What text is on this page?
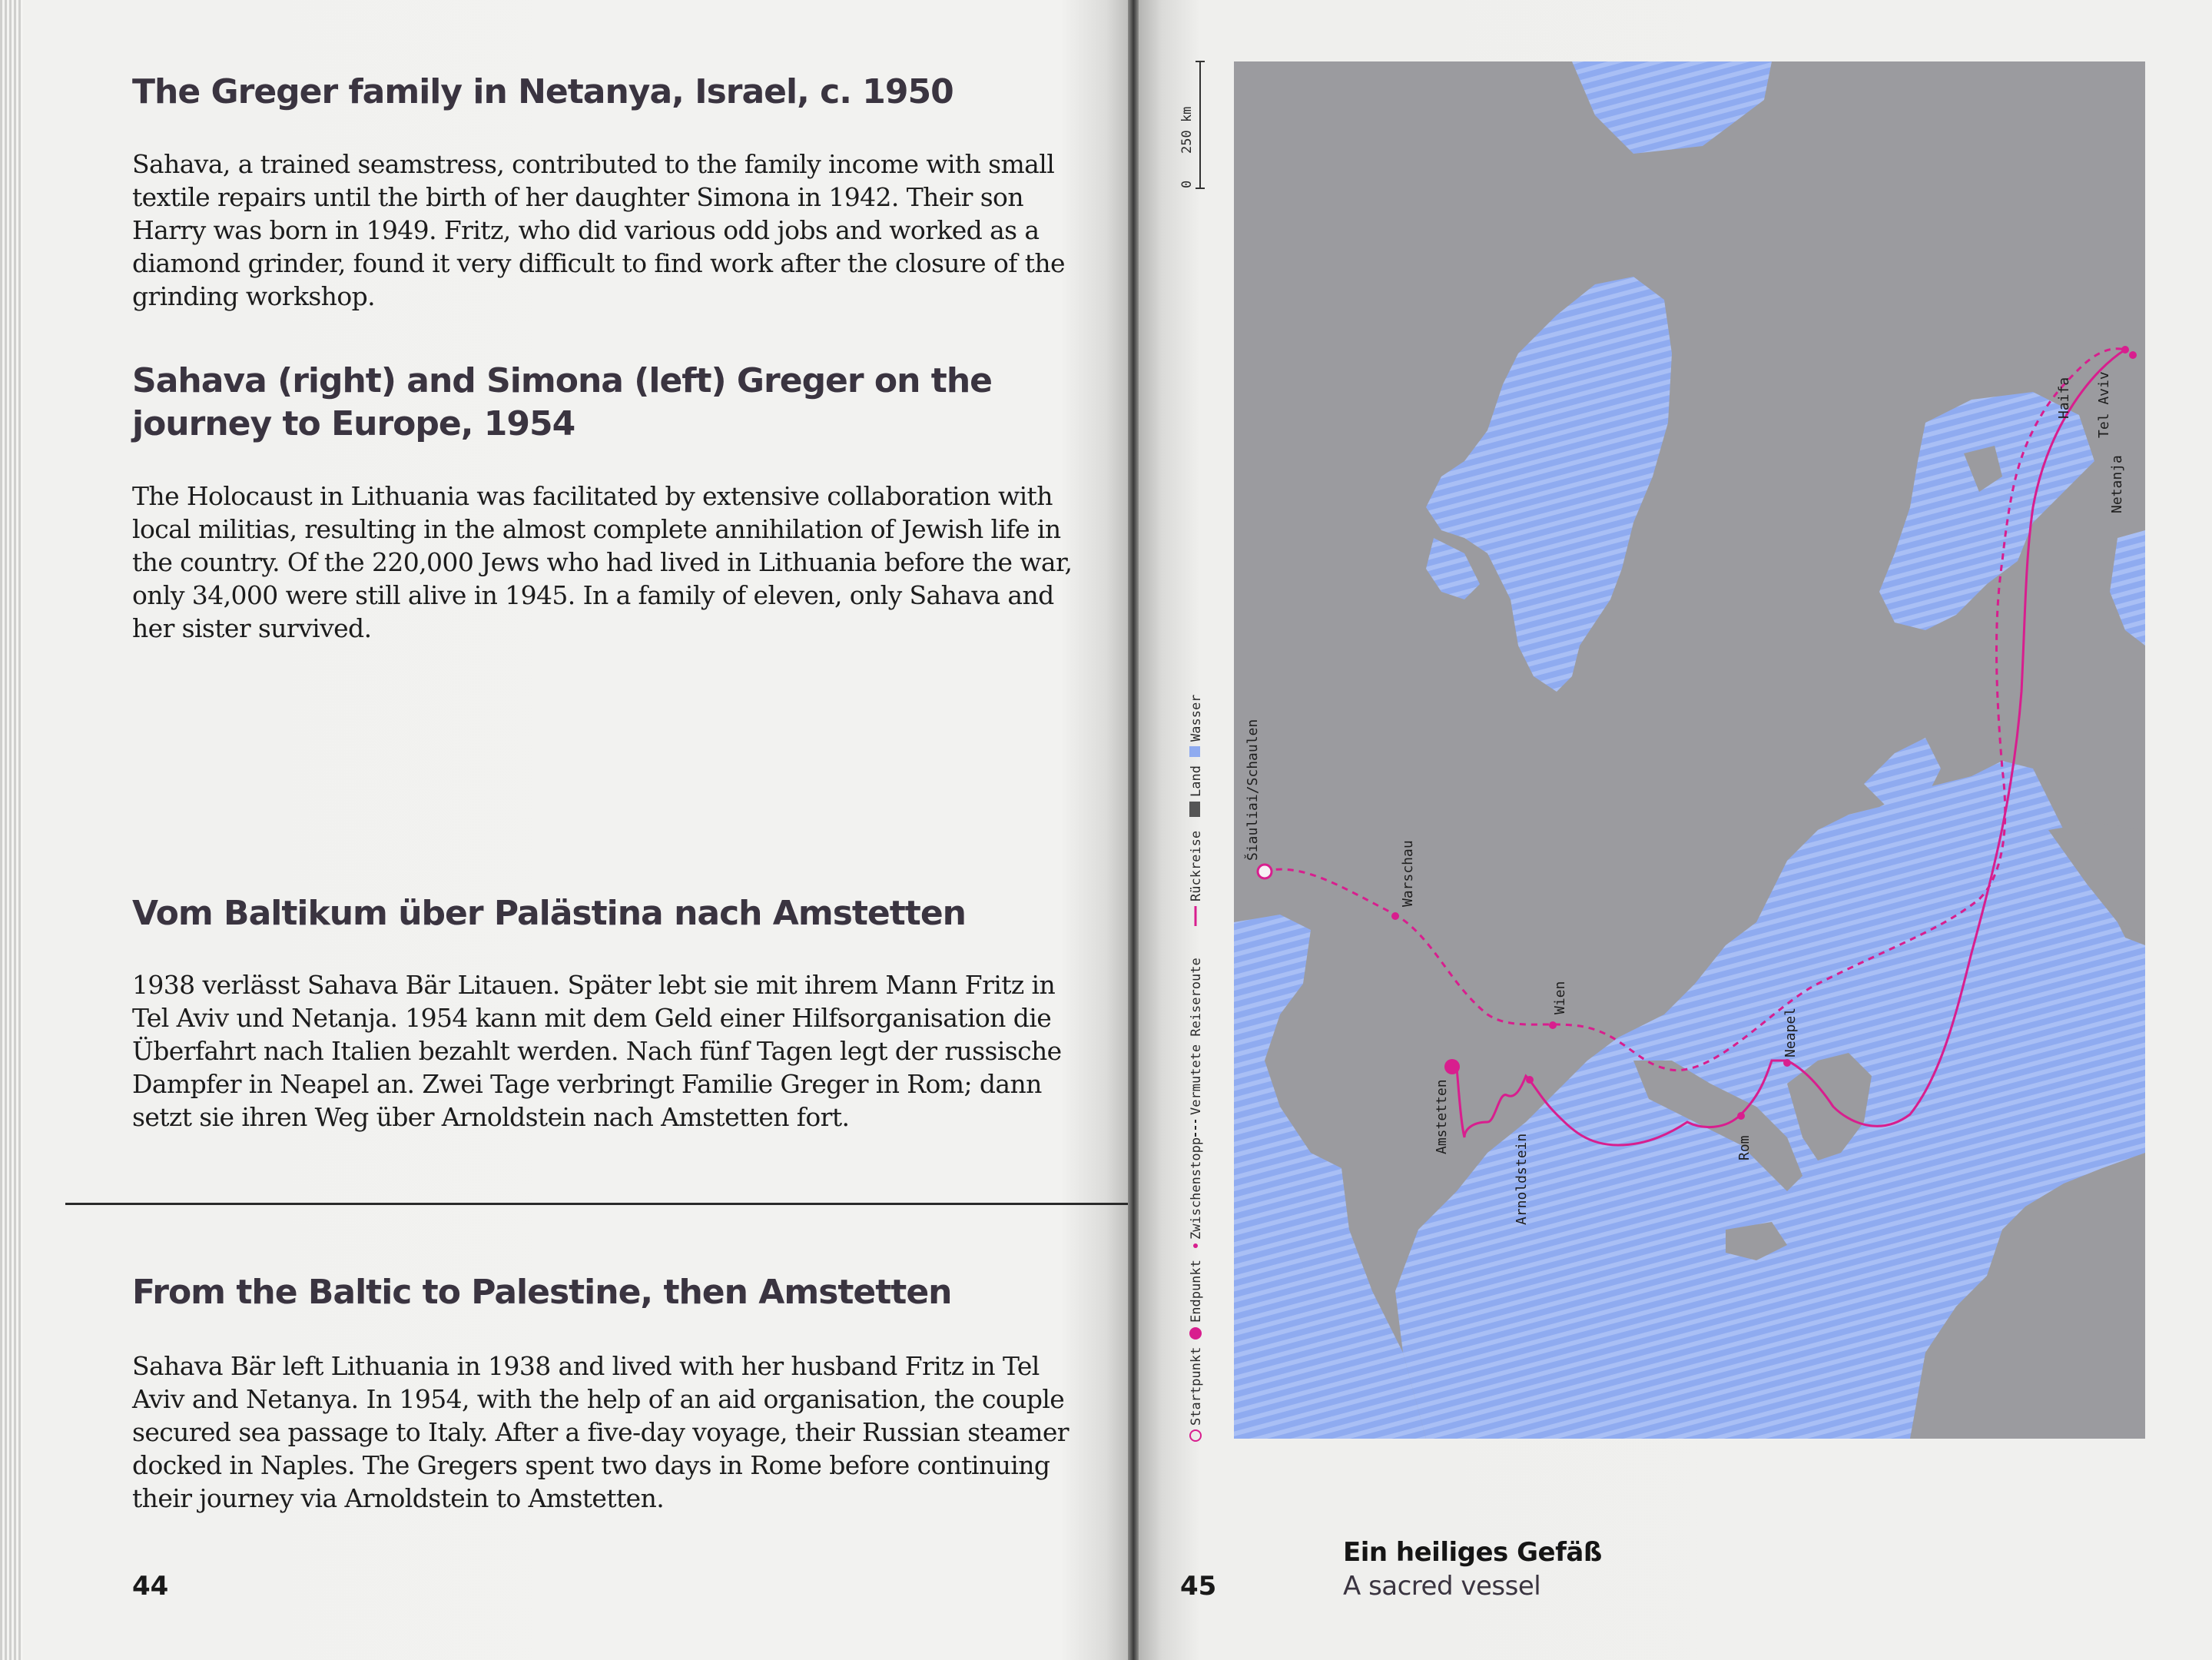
The Greger family in Netanya, Israel, c. 1950

Sahava, a trained seamstress, contributed to the family income with small textile repairs until the birth of her daughter Simona in 1942. Their son Harry was born in 1949. Fritz, who did various odd jobs and worked as a diamond grinder, found it very difficult to find work after the closure of the grinding workshop.

Sahava (right) and Simona (left) Greger on the journey to Europe, 1954

The Holocaust in Lithuania was facilitated by extensive collaboration with local militias, resulting in the almost complete annihilation of Jewish life in the country. Of the 220,000 Jews who had lived in Lithuania before the war, only 34,000 were still alive in 1945. In a family of eleven, only Sahava and her sister survived.

Vom Baltikum über Palästina nach Amstetten

1938 verlässt Sahava Bär Litauen. Später lebt sie mit ihrem Mann Fritz in Tel Aviv und Netanja. 1954 kann mit dem Geld einer Hilfsorganisation die Überfahrt nach Italien bezahlt werden. Nach fünf Tagen legt der russische Dampfer in Neapel an. Zwei Tage verbringt Familie Greger in Rom; dann setzt sie ihren Weg über Arnoldstein nach Amstetten fort.

From the Baltic to Palestine, then Amstetten

Sahava Bär left Lithuania in 1938 and lived with her husband Fritz in Tel Aviv and Netanya. In 1954, with the help of an aid organisation, the couple secured sea passage to Italy. After a five-day voyage, their Russian steamer docked in Naples. The Gregers spent two days in Rome before continuing their journey via Arnoldstein to Amstetten.

44
0
250 km
Startpunkt
Endpunkt
Zwischenstopp
Vermutete Reiseroute
Rückreise
Land
Wasser
Šiauliai/Schaulen
Warschau
Wien
Arnoldstein
Amstetten	Rom
Neapel
Haifa
Netanja
Tel Aviv
45
Ein heiliges Gefäß
A sacred vessel
